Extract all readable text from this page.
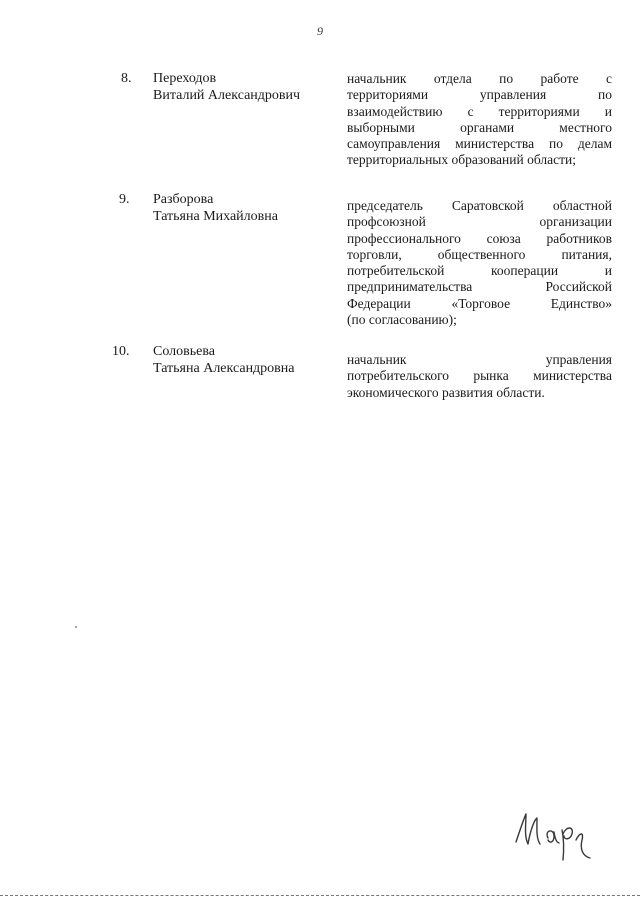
9
8. Переходов
Виталий Александрович
начальник отдела по работе с
территориями управления по
взаимодействию с территориями и
выборными органами местного
самоуправления министерства по делам
территориальных образований области;
9. Разборова
Татьяна Михайловна
председатель Саратовской областной
профсоюзной организации
профессионального союза работников
торговли, общественного питания,
потребительской кооперации и
предпринимательства Российской
Федерации «Торговое Единство»
(по согласованию);
10. Соловьева
Татьяна Александровна
начальник управления
потребительского рынка министерства
экономического развития области.
